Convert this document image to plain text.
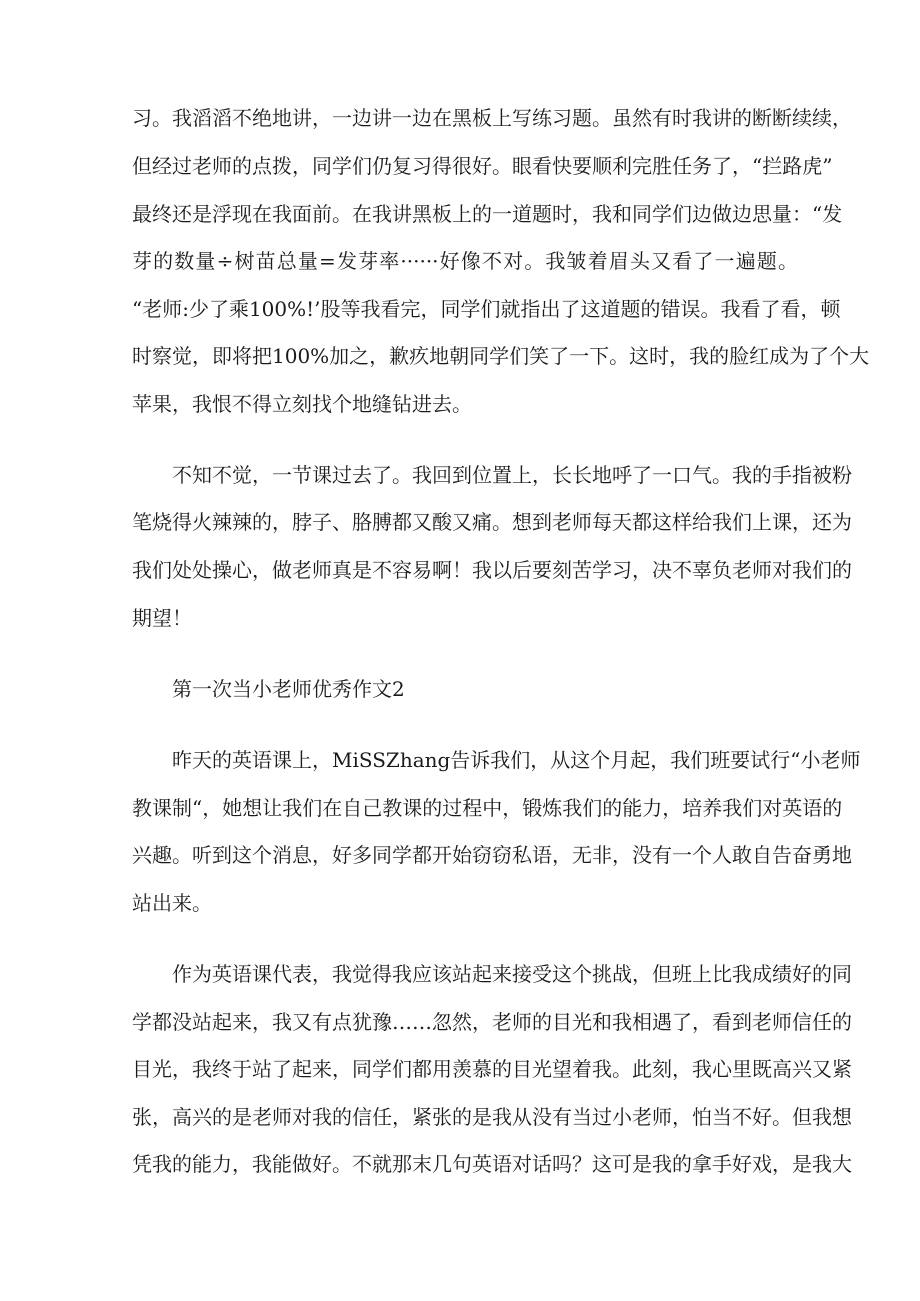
习。我滔滔不绝地讲，一边讲一边在黑板上写练习题。虽然有时我讲的断断续续，
但经过老师的点拨，同学们仍复习得很好。眼看快要顺利完胜任务了，“拦路虎”
最终还是浮现在我面前。在我讲黑板上的一道题时，我和同学们边做边思量：“发
芽的数量÷树苗总量=发芽率······好像不对。我皱着眉头又看了一遍题。
“老师:少了乘100%!’股等我看完，同学们就指出了这道题的错误。我看了看，顿
时察觉，即将把100%加之，歉疚地朝同学们笑了一下。这时，我的脸红成为了个大
苹果，我恨不得立刻找个地缝钻进去。
不知不觉，一节课过去了。我回到位置上，长长地呼了一口气。我的手指被粉
笔烧得火辣辣的，脖子、胳膊都又酸又痛。想到老师每天都这样给我们上课，还为
我们处处操心，做老师真是不容易啊！我以后要刻苦学习，决不辜负老师对我们的
期望！
第一次当小老师优秀作文2
昨天的英语课上，MiSSZhang告诉我们，从这个月起，我们班要试行“小老师
教课制“，她想让我们在自己教课的过程中，锻炼我们的能力，培养我们对英语的
兴趣。听到这个消息，好多同学都开始窃窃私语，无非，没有一个人敢自告奋勇地
站出来。
作为英语课代表，我觉得我应该站起来接受这个挑战，但班上比我成绩好的同
学都没站起来，我又有点犹豫……忽然，老师的目光和我相遇了，看到老师信任的
目光，我终于站了起来，同学们都用羡慕的目光望着我。此刻，我心里既高兴又紧
张，高兴的是老师对我的信任，紧张的是我从没有当过小老师，怕当不好。但我想
凭我的能力，我能做好。不就那末几句英语对话吗？这可是我的拿手好戏，是我大
